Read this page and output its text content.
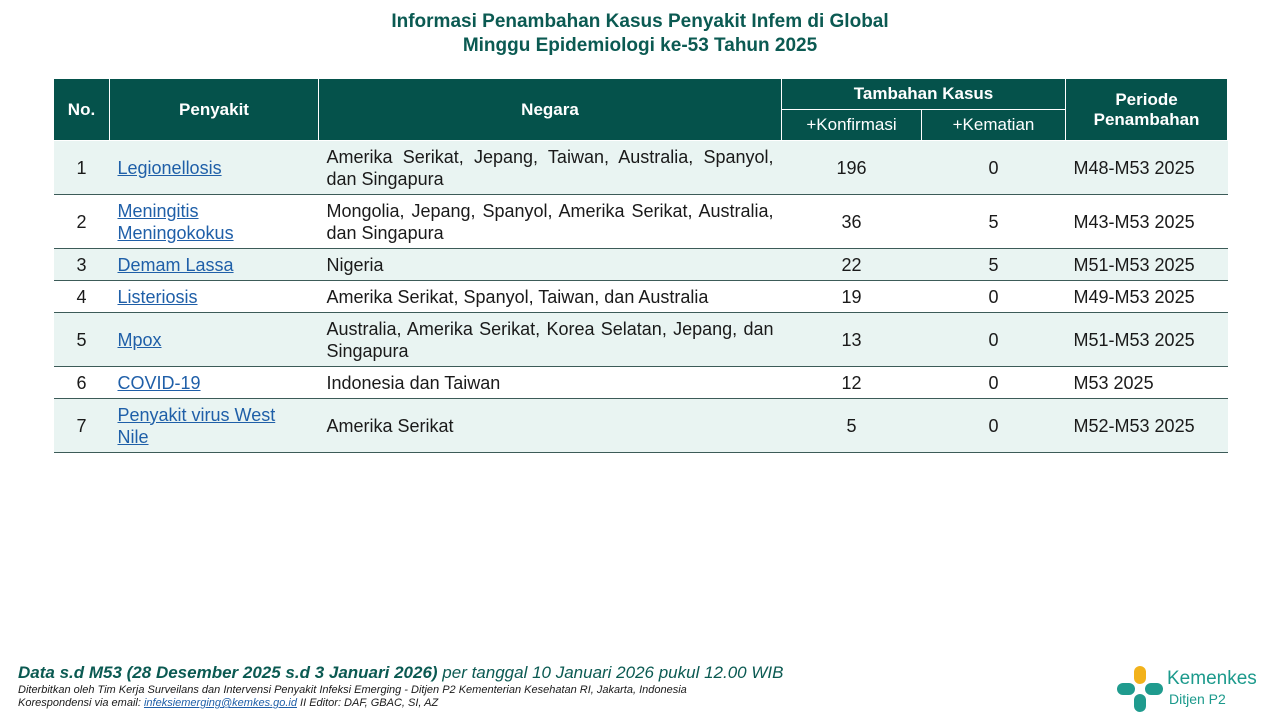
Informasi Penambahan Kasus Penyakit Infem di Global
Minggu Epidemiologi ke-53 Tahun 2025
No.	Penyakit	Negara	Tambahan Kasus		Periode
Penambahan

			+Konfirmasi	+Kematian	
1	Legionellosis	Amerika Serikat, Jepang, Taiwan, Australia, Spanyol, dan Singapura	196	0	M48-M53 2025
2	Meningitis Meningokokus	Mongolia, Jepang, Spanyol, Amerika Serikat, Australia, dan Singapura	36	5	M43-M53 2025
3	Demam Lassa	Nigeria	22	5	M51-M53 2025
4	Listeriosis	Amerika Serikat, Spanyol, Taiwan, dan Australia	19	0	M49-M53 2025
5	Mpox	Australia, Amerika Serikat, Korea Selatan, Jepang, dan Singapura	13	0	M51-M53 2025
6	COVID-19	Indonesia dan Taiwan	12	0	M53 2025
7	Penyakit virus West Nile	Amerika Serikat	5	0	M52-M53 2025
Data s.d M53 (28 Desember 2025 s.d 3 Januari 2026) per tanggal 10 Januari 2026 pukul 12.00 WIB
Diterbitkan oleh Tim Kerja Surveilans dan Intervensi Penyakit Infeksi Emerging - Ditjen P2 Kementerian Kesehatan RI, Jakarta, Indonesia
Korespondensi via email: infeksiemerging@kemkes.go.id II Editor: DAF, GBAC, SI, AZ
Kemenkes
Ditjen P2
